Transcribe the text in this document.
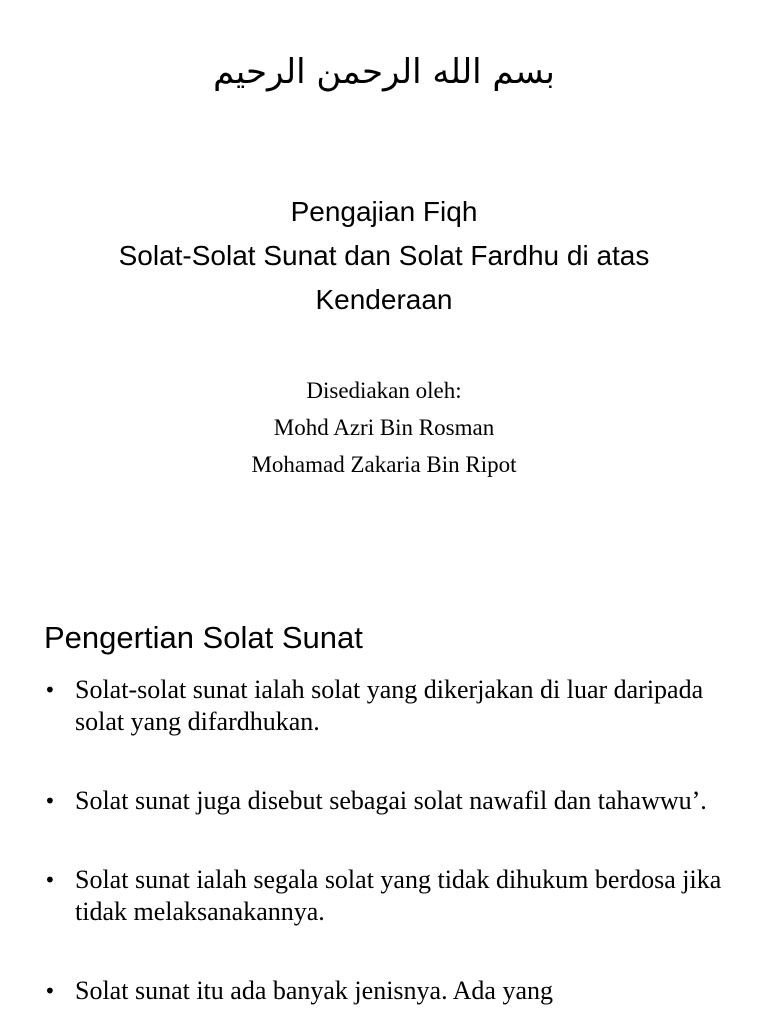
بسم الله الرحمن الرحيم
Pengajian Fiqh
Solat-Solat Sunat dan Solat Fardhu di atas
Kenderaan
Disediakan oleh:
Mohd Azri Bin Rosman
Mohamad Zakaria Bin Ripot
Pengertian Solat Sunat
• Solat-solat sunat ialah solat yang dikerjakan di luar daripada solat yang difardhukan.
• Solat sunat juga disebut sebagai solat nawafil dan tahawwu’.
• Solat sunat ialah segala solat yang tidak dihukum berdosa jika tidak melaksanakannya.
• Solat sunat itu ada banyak jenisnya. Ada yang
